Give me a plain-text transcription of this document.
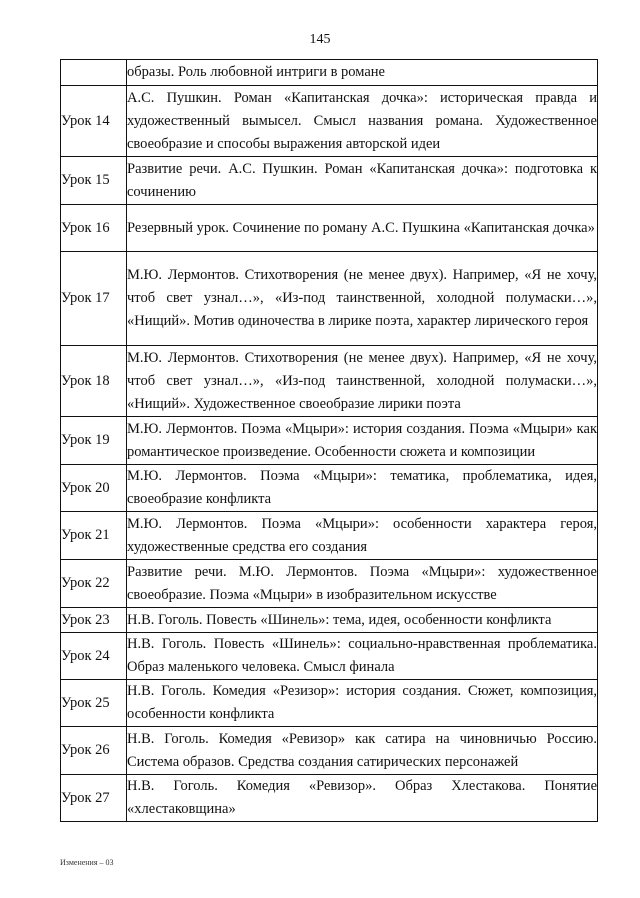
145

	образы. Роль любовной интриги в романе

Урок 14	А.С. Пушкин. Роман «Капитанская дочка»: историческая правда и художественный вымысел. Смысл названия романа. Художественное своеобразие и способы выражения авторской идеи

Урок 15	Развитие речи. А.С. Пушкин. Роман «Капитанская дочка»: подготовка к сочинению

Урок 16	Резервный урок. Сочинение по роману А.С. Пушкина «Капитанская дочка»

Урок 17	М.Ю. Лермонтов. Стихотворения (не менее двух). Например, «Я не хочу, чтоб свет узнал…», «Из-под таинственной, холодной полумаски…», «Нищий». Мотив одиночества в лирике поэта, характер лирического героя

Урок 18	М.Ю. Лермонтов. Стихотворения (не менее двух). Например, «Я не хочу, чтоб свет узнал…», «Из-под таинственной, холодной полумаски…», «Нищий». Художественное своеобразие лирики поэта

Урок 19	М.Ю. Лермонтов. Поэма «Мцыри»: история создания. Поэма «Мцыри» как романтическое произведение. Особенности сюжета и композиции

Урок 20	М.Ю. Лермонтов. Поэма «Мцыри»: тематика, проблематика, идея, своеобразие конфликта

Урок 21	М.Ю. Лермонтов. Поэма «Мцыри»: особенности характера героя, художественные средства его создания

Урок 22	Развитие речи. М.Ю. Лермонтов. Поэма «Мцыри»: художественное своеобразие. Поэма «Мцыри» в изобразительном искусстве

Урок 23	Н.В. Гоголь. Повесть «Шинель»: тема, идея, особенности конфликта

Урок 24	Н.В. Гоголь. Повесть «Шинель»: социально-нравственная проблематика. Образ маленького человека. Смысл финала

Урок 25	Н.В. Гоголь. Комедия «Резизор»: история создания. Сюжет, композиция, особенности конфликта

Урок 26	Н.В. Гоголь. Комедия «Ревизор» как сатира на чиновничью Россию. Система образов. Средства создания сатирических персонажей

Урок 27	Н.В. Гоголь. Комедия «Ревизор». Образ Хлестакова. Понятие «хлестаковщина»
Изменения – 03
